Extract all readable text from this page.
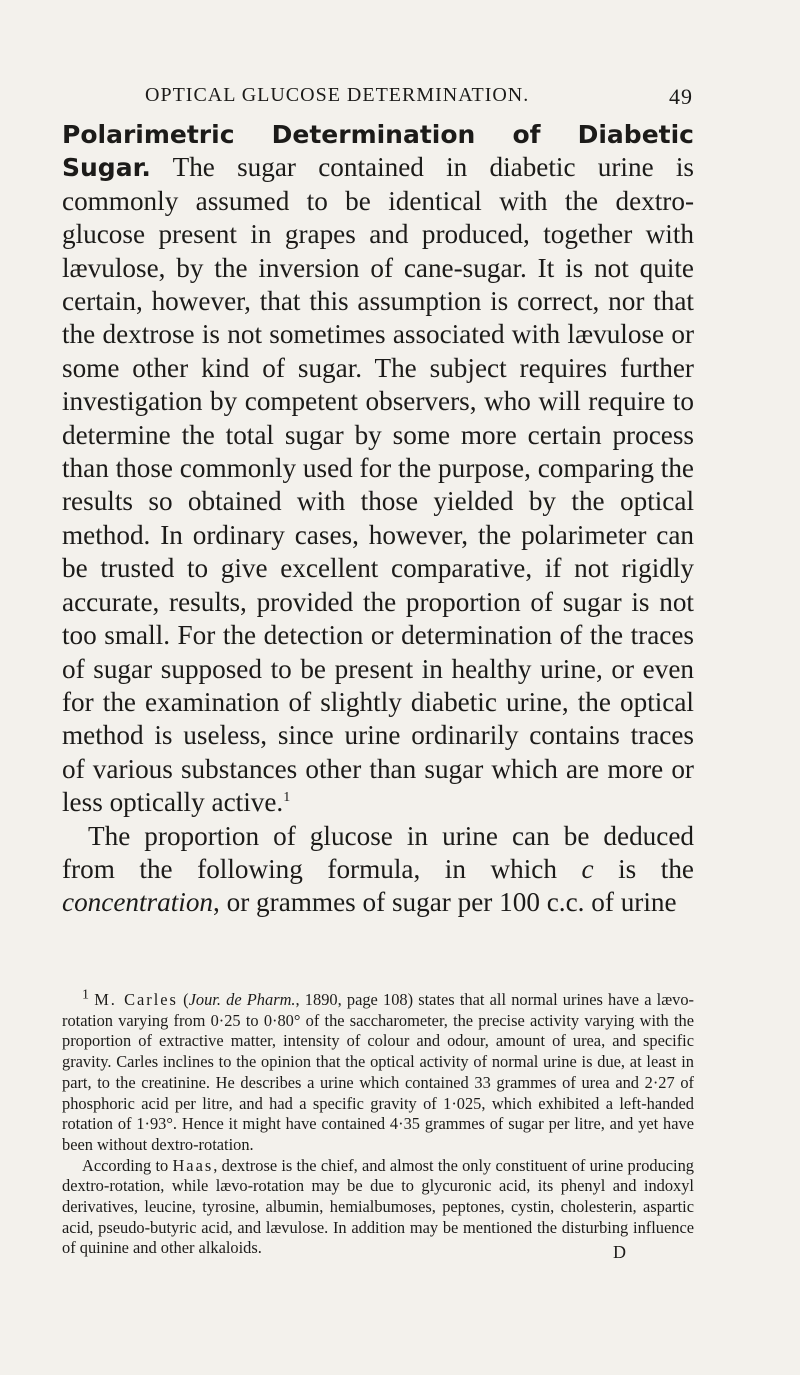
OPTICAL GLUCOSE DETERMINATION.	49

Polarimetric Determination of Diabetic Sugar. The sugar contained in diabetic urine is commonly assumed to be identical with the dextro-glucose present in grapes and produced, together with lævulose, by the inversion of cane-sugar. It is not quite certain, however, that this assumption is correct, nor that the dextrose is not sometimes associated with lævulose or some other kind of sugar. The subject requires further investigation by competent observers, who will require to determine the total sugar by some more certain process than those commonly used for the purpose, comparing the results so obtained with those yielded by the optical method. In ordinary cases, however, the polarimeter can be trusted to give excellent comparative, if not rigidly accurate, results, provided the proportion of sugar is not too small. For the detection or determination of the traces of sugar supposed to be present in healthy urine, or even for the examination of slightly diabetic urine, the optical method is useless, since urine ordinarily contains traces of various substances other than sugar which are more or less optically active.$^1$

The proportion of glucose in urine can be deduced from the following formula, in which c is the concentration, or grammes of sugar per 100 c.c. of urine

$^1$ M. Carles (Jour. de Pharm., 1890, page 108) states that all normal urines have a lævo-rotation varying from 0·25 to 0·80° of the saccharometer, the precise activity varying with the proportion of extractive matter, intensity of colour and odour, amount of urea, and specific gravity. Carles inclines to the opinion that the optical activity of normal urine is due, at least in part, to the creatinine. He describes a urine which contained 33 grammes of urea and 2·27 of phosphoric acid per litre, and had a specific gravity of 1·025, which exhibited a left-handed rotation of 1·93°. Hence it might have contained 4·35 grammes of sugar per litre, and yet have been without dextro-rotation.

According to Haas, dextrose is the chief, and almost the only constituent of urine producing dextro-rotation, while lævo-rotation may be due to glycuronic acid, its phenyl and indoxyl derivatives, leucine, tyrosine, albumin, hemialbumoses, peptones, cystin, cholesterin, aspartic acid, pseudo-butyric acid, and lævulose. In addition may be mentioned the disturbing influence of quinine and other alkaloids.	D
